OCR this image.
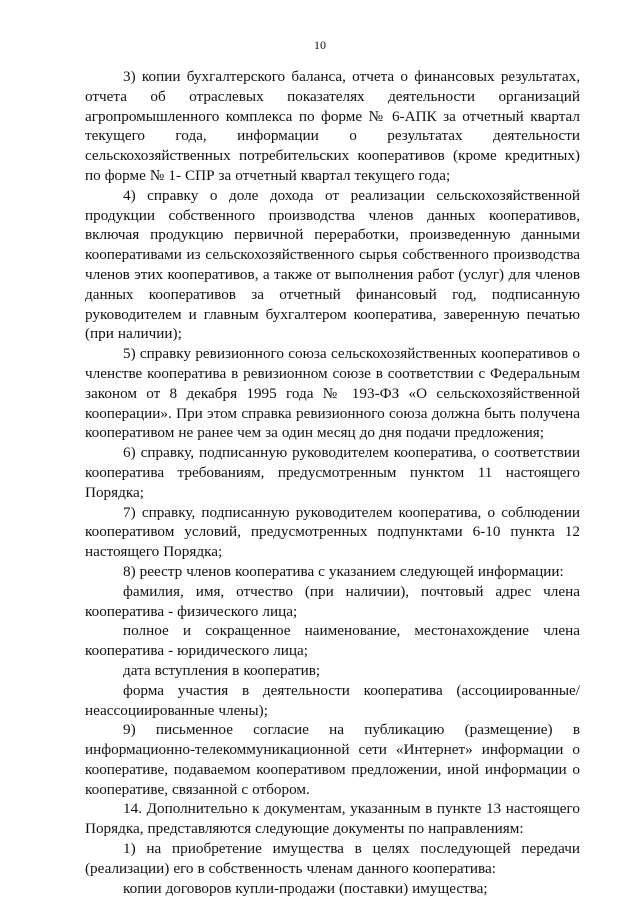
10

3) копии бухгалтерского баланса, отчета о финансовых результатах, отчета об отраслевых показателях деятельности организаций агропромышленного комплекса по форме № 6-АПК за отчетный квартал текущего года, информации о результатах деятельности сельскохозяйственных потребительских кооперативов (кроме кредитных) по форме № 1- СПР за отчетный квартал текущего года;

4) справку о доле дохода от реализации сельскохозяйственной продукции собственного производства членов данных кооперативов, включая продукцию первичной переработки, произведенную данными кооперативами из сельскохозяйственного сырья собственного производства членов этих кооперативов, а также от выполнения работ (услуг) для членов данных кооперативов за отчетный финансовый год, подписанную руководителем и главным бухгалтером кооператива, заверенную печатью (при наличии);

5) справку ревизионного союза сельскохозяйственных кооперативов о членстве кооператива в ревизионном союзе в соответствии с Федеральным законом от 8 декабря 1995 года № 193-ФЗ «О сельскохозяйственной кооперации». При этом справка ревизионного союза должна быть получена кооперативом не ранее чем за один месяц до дня подачи предложения;

6) справку, подписанную руководителем кооператива, о соответствии кооператива требованиям, предусмотренным пунктом 11 настоящего Порядка;

7) справку, подписанную руководителем кооператива, о соблюдении кооперативом условий, предусмотренных подпунктами 6-10 пункта 12 настоящего Порядка;

8) реестр членов кооператива с указанием следующей информации:

фамилия, имя, отчество (при наличии), почтовый адрес члена кооператива - физического лица;

полное и сокращенное наименование, местонахождение члена кооператива - юридического лица;

дата вступления в кооператив;

форма участия в деятельности кооператива (ассоциированные/неассоциированные члены);

9) письменное согласие на публикацию (размещение) в информационно-телекоммуникационной сети «Интернет» информации о кооперативе, подаваемом кооперативом предложении, иной информации о кооперативе, связанной с отбором.

14. Дополнительно к документам, указанным в пункте 13 настоящего Порядка, представляются следующие документы по направлениям:

1) на приобретение имущества в целях последующей передачи (реализации) его в собственность членам данного кооператива:

копии договоров купли-продажи (поставки) имущества;
